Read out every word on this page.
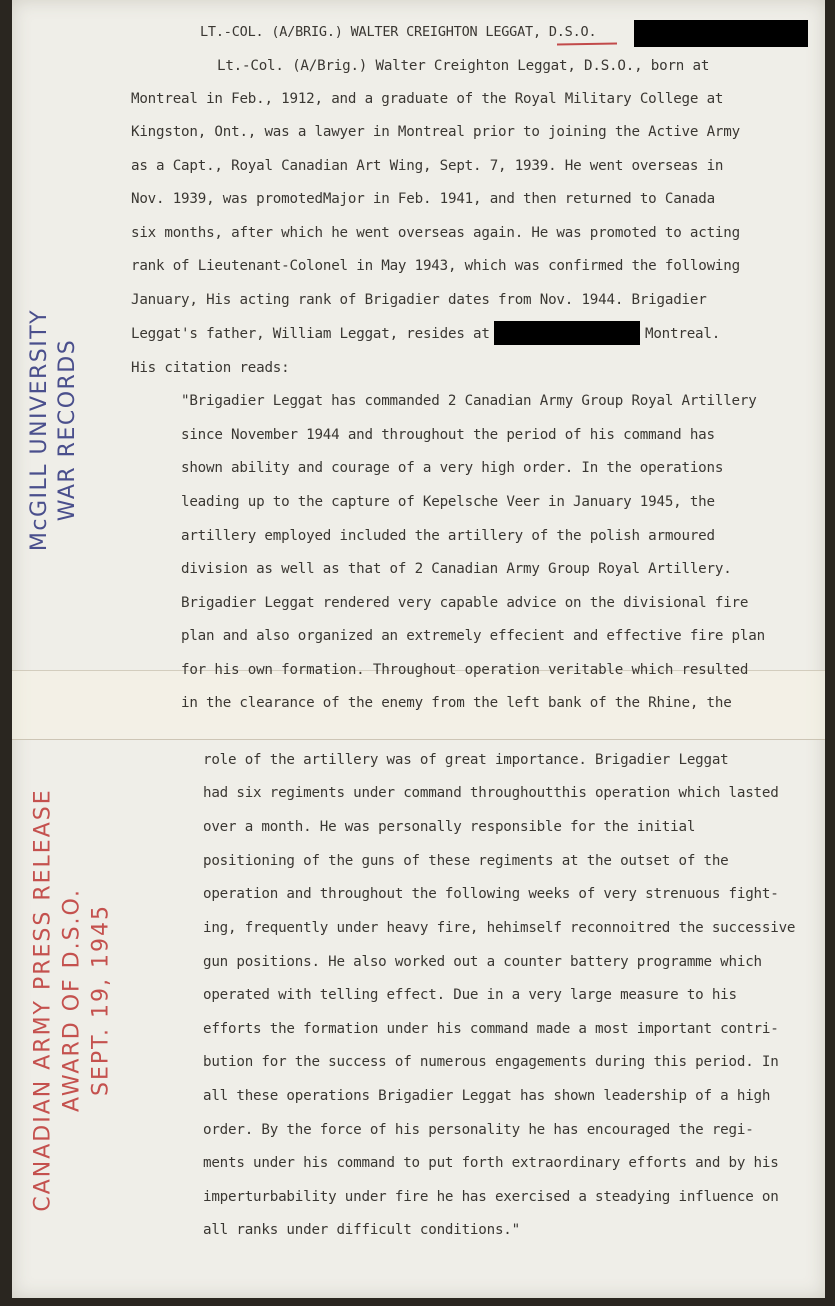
LT.-COL. (A/BRIG.) WALTER CREIGHTON LEGGAT, D.S.O.

Lt.-Col. (A/Brig.) Walter Creighton Leggat, D.S.O., born at

Montreal in Feb., 1912, and a graduate of the Royal Military College at

Kingston, Ont., was a lawyer in Montreal prior to joining the Active Army

as a Capt., Royal Canadian Art Wing, Sept. 7, 1939. He went overseas in

Nov. 1939, was promotedMajor in Feb. 1941, and then returned to Canada

six months, after which he went overseas again. He was promoted to acting

rank of Lieutenant-Colonel in May 1943, which was confirmed the following

January, His acting rank of Brigadier dates from Nov. 1944. Brigadier

Leggat's father, William Leggat, resides at	Montreal.

His citation reads:

"Brigadier Leggat has commanded 2 Canadian Army Group Royal Artillery

since November 1944 and throughout the period of his command has

shown ability and courage of a very high order. In the operations

leading up to the capture of Kepelsche Veer in January 1945, the

artillery employed included the artillery of the polish armoured

division as well as that of 2 Canadian Army Group Royal Artillery.

Brigadier Leggat rendered very capable advice on the divisional fire

plan and also organized an extremely effecient and effective fire plan

for his own formation. Throughout operation veritable which resulted

in the clearance of the enemy from the left bank of the Rhine, the

role of the artillery was of great importance. Brigadier Leggat

had six regiments under command throughoutthis operation which lasted

over a month. He was personally responsible for the initial

positioning of the guns of these regiments at the outset of the

operation and throughout the following weeks of very strenuous fight-

ing, frequently under heavy fire, hehimself reconnoitred the successive

gun positions. He also worked out a counter battery programme which

operated with telling effect. Due in a very large measure to his

efforts the formation under his command made a most important contri-

bution for the success of numerous engagements during this period. In

all these operations Brigadier Leggat has shown leadership of a high

order. By the force of his personality he has encouraged the regi-

ments under his command to put forth extraordinary efforts and by his

imperturbability under fire he has exercised a steadying influence on

all ranks under difficult conditions."

McGILL UNIVERSITY WAR RECORDS
CANADIAN ARMY PRESS RELEASE AWARD OF D.S.O. SEPT. 19, 1945
